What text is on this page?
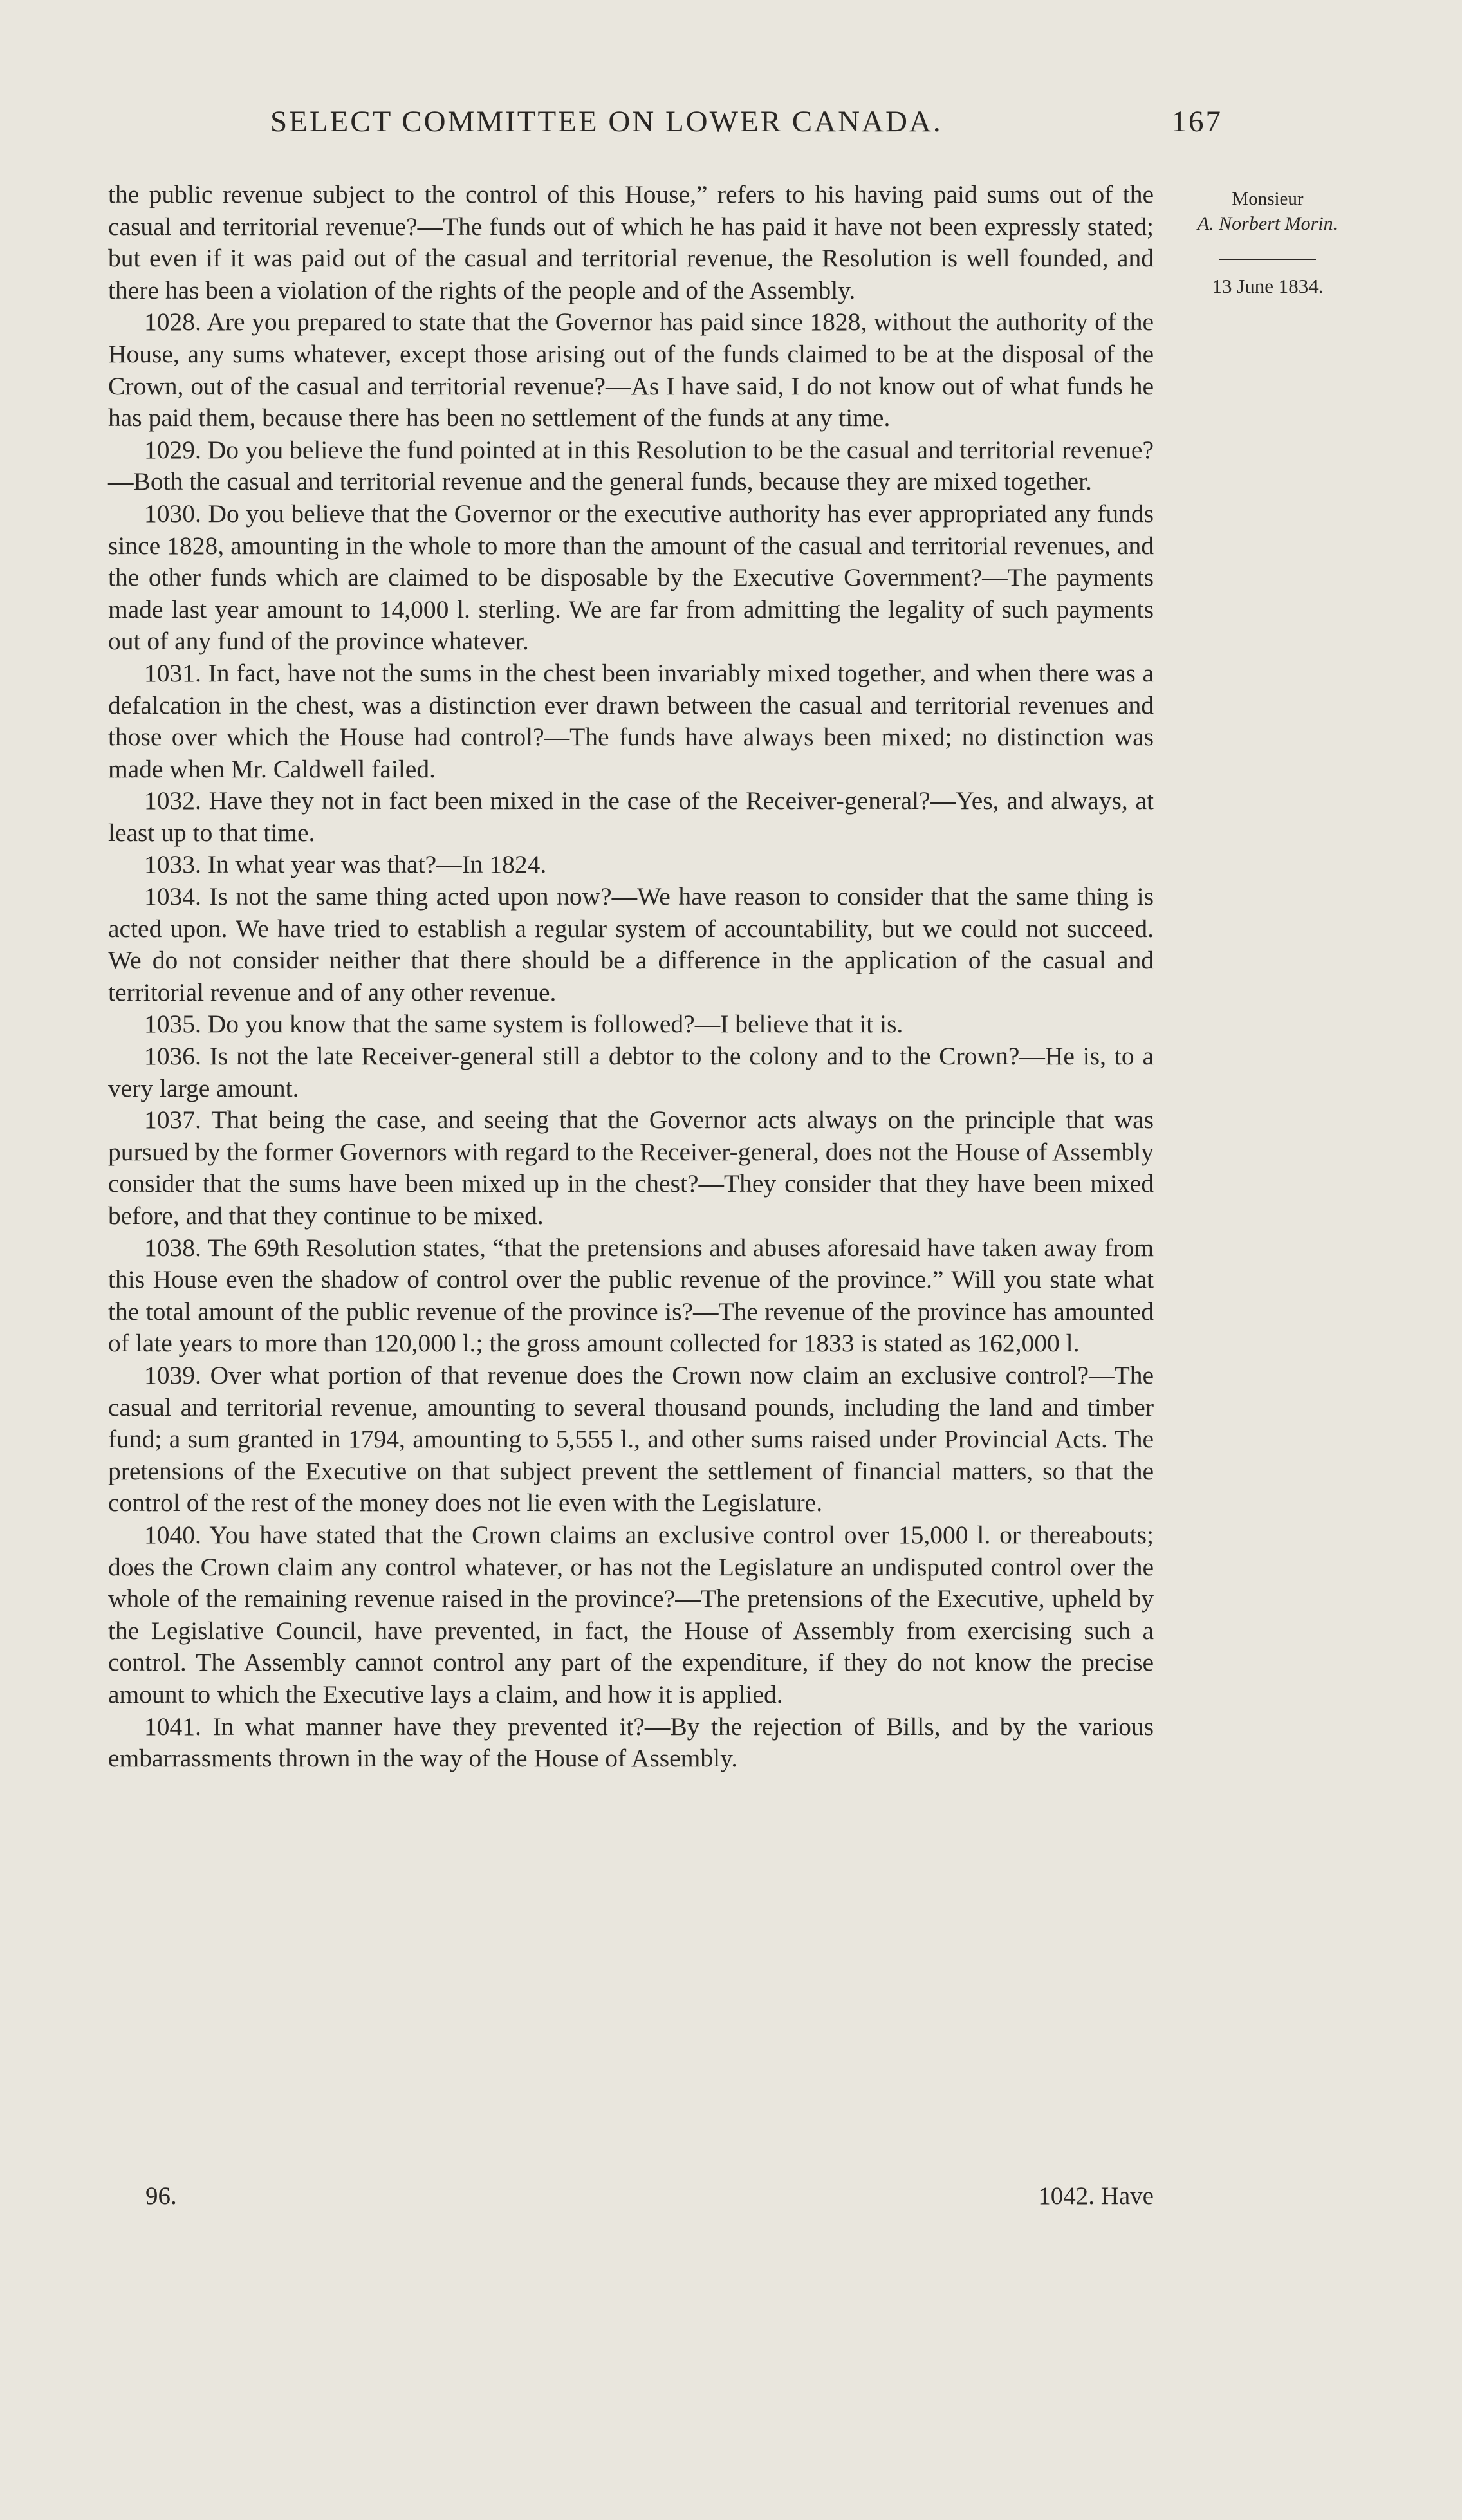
SELECT COMMITTEE ON LOWER CANADA.	167

the public revenue subject to the control of this House,” refers to his having paid sums out of the casual and territorial revenue?—The funds out of which he has paid it have not been expressly stated; but even if it was paid out of the casual and territorial revenue, the Resolution is well founded, and there has been a violation of the rights of the people and of the Assembly.

1028. Are you prepared to state that the Governor has paid since 1828, without the authority of the House, any sums whatever, except those arising out of the funds claimed to be at the disposal of the Crown, out of the casual and territorial revenue?—As I have said, I do not know out of what funds he has paid them, because there has been no settlement of the funds at any time.

1029. Do you believe the fund pointed at in this Resolution to be the casual and territorial revenue?—Both the casual and territorial revenue and the general funds, because they are mixed together.

1030. Do you believe that the Governor or the executive authority has ever appropriated any funds since 1828, amounting in the whole to more than the amount of the casual and territorial revenues, and the other funds which are claimed to be disposable by the Executive Government?—The payments made last year amount to 14,000 l. sterling. We are far from admitting the legality of such payments out of any fund of the province whatever.

1031. In fact, have not the sums in the chest been invariably mixed together, and when there was a defalcation in the chest, was a distinction ever drawn between the casual and territorial revenues and those over which the House had control?—The funds have always been mixed; no distinction was made when Mr. Caldwell failed.

1032. Have they not in fact been mixed in the case of the Receiver-general?—Yes, and always, at least up to that time.

1033. In what year was that?—In 1824.

1034. Is not the same thing acted upon now?—We have reason to consider that the same thing is acted upon. We have tried to establish a regular system of accountability, but we could not succeed. We do not consider neither that there should be a difference in the application of the casual and territorial revenue and of any other revenue.

1035. Do you know that the same system is followed?—I believe that it is.

1036. Is not the late Receiver-general still a debtor to the colony and to the Crown?—He is, to a very large amount.

1037. That being the case, and seeing that the Governor acts always on the principle that was pursued by the former Governors with regard to the Receiver-general, does not the House of Assembly consider that the sums have been mixed up in the chest?—They consider that they have been mixed before, and that they continue to be mixed.

1038. The 69th Resolution states, “that the pretensions and abuses aforesaid have taken away from this House even the shadow of control over the public revenue of the province.” Will you state what the total amount of the public revenue of the province is?—The revenue of the province has amounted of late years to more than 120,000 l.; the gross amount collected for 1833 is stated as 162,000 l.

1039. Over what portion of that revenue does the Crown now claim an exclusive control?—The casual and territorial revenue, amounting to several thousand pounds, including the land and timber fund; a sum granted in 1794, amounting to 5,555 l., and other sums raised under Provincial Acts. The pretensions of the Executive on that subject prevent the settlement of financial matters, so that the control of the rest of the money does not lie even with the Legislature.

1040. You have stated that the Crown claims an exclusive control over 15,000 l. or thereabouts; does the Crown claim any control whatever, or has not the Legislature an undisputed control over the whole of the remaining revenue raised in the province?—The pretensions of the Executive, upheld by the Legislative Council, have prevented, in fact, the House of Assembly from exercising such a control. The Assembly cannot control any part of the expenditure, if they do not know the precise amount to which the Executive lays a claim, and how it is applied.

1041. In what manner have they prevented it?—By the rejection of Bills, and by the various embarrassments thrown in the way of the House of Assembly.

Monsieur
A. Norbert Morin.
13 June 1834.
96.	1042. Have
